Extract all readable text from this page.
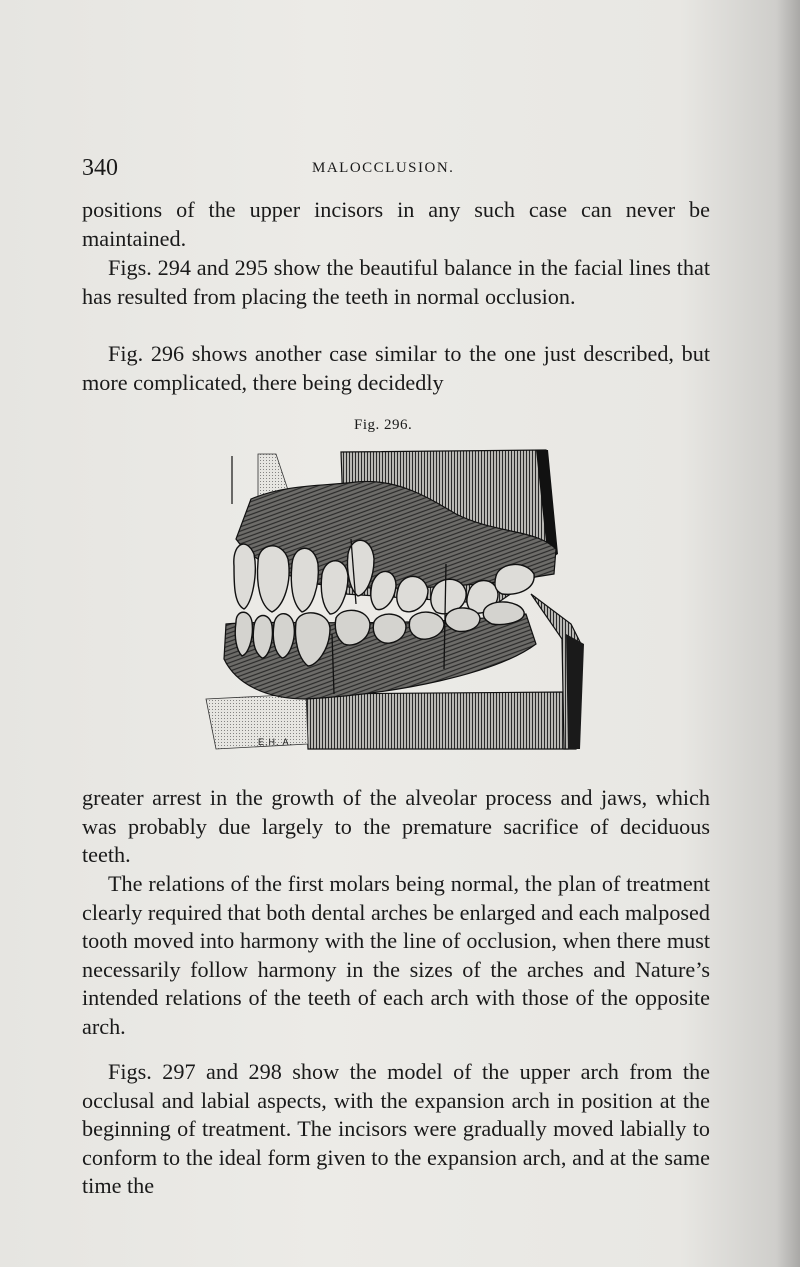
340	MALOCCLUSION.

positions of the upper incisors in any such case can never be maintained.

Figs. 294 and 295 show the beautiful balance in the facial lines that has resulted from placing the teeth in normal occlusion.

Fig. 296 shows another case similar to the one just described, but more complicated, there being decidedly

Fig. 296.
E.H. A.

greater arrest in the growth of the alveolar process and jaws, which was probably due largely to the premature sacrifice of deciduous teeth.

The relations of the first molars being normal, the plan of treatment clearly required that both dental arches be enlarged and each malposed tooth moved into harmony with the line of occlusion, when there must necessarily follow harmony in the sizes of the arches and Nature’s intended relations of the teeth of each arch with those of the opposite arch.

Figs. 297 and 298 show the model of the upper arch from the occlusal and labial aspects, with the expansion arch in position at the beginning of treatment. The incisors were gradually moved labially to conform to the ideal form given to the expansion arch, and at the same time the
